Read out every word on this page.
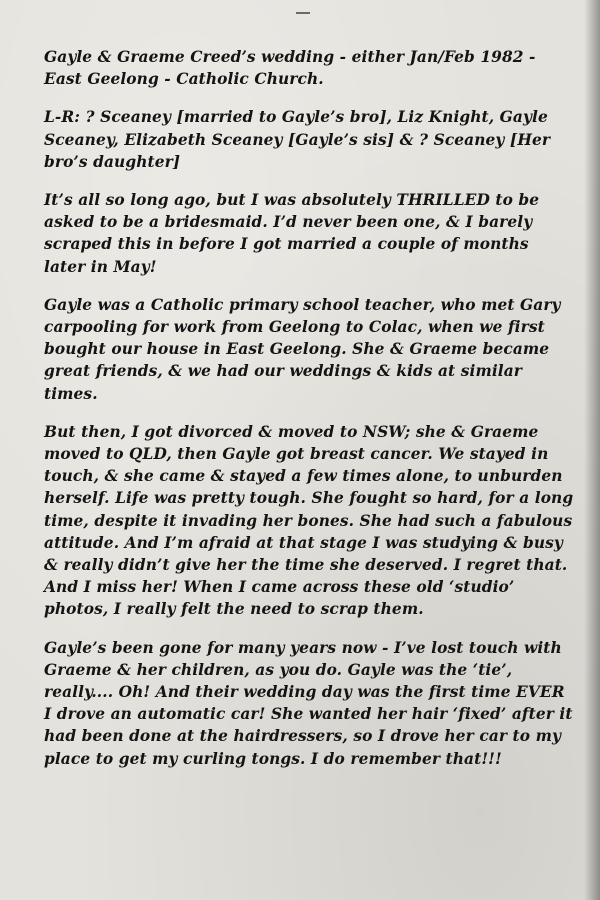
Gayle & Graeme Creed’s wedding - either Jan/Feb 1982 -
East Geelong - Catholic Church.

L-R: ? Sceaney [married to Gayle’s bro], Liz Knight, Gayle
Sceaney, Elizabeth Sceaney [Gayle’s sis] & ? Sceaney [Her
bro’s daughter]

It’s all so long ago, but I was absolutely THRILLED to be
asked to be a bridesmaid. I’d never been one, & I barely
scraped this in before I got married a couple of months
later in May!

Gayle was a Catholic primary school teacher, who met Gary
carpooling for work from Geelong to Colac, when we first
bought our house in East Geelong. She & Graeme became
great friends, & we had our weddings & kids at similar
times.

But then, I got divorced & moved to NSW; she & Graeme
moved to QLD, then Gayle got breast cancer. We stayed in
touch, & she came & stayed a few times alone, to unburden
herself. Life was pretty tough. She fought so hard, for a long
time, despite it invading her bones. She had such a fabulous
attitude. And I’m afraid at that stage I was studying & busy
& really didn’t give her the time she deserved. I regret that.
And I miss her! When I came across these old ‘studio’
photos, I really felt the need to scrap them.

Gayle’s been gone for many years now - I’ve lost touch with
Graeme & her children, as you do. Gayle was the ‘tie’,
really.... Oh! And their wedding day was the first time EVER
I drove an automatic car! She wanted her hair ‘fixed’ after it
had been done at the hairdressers, so I drove her car to my
place to get my curling tongs. I do remember that!!!
